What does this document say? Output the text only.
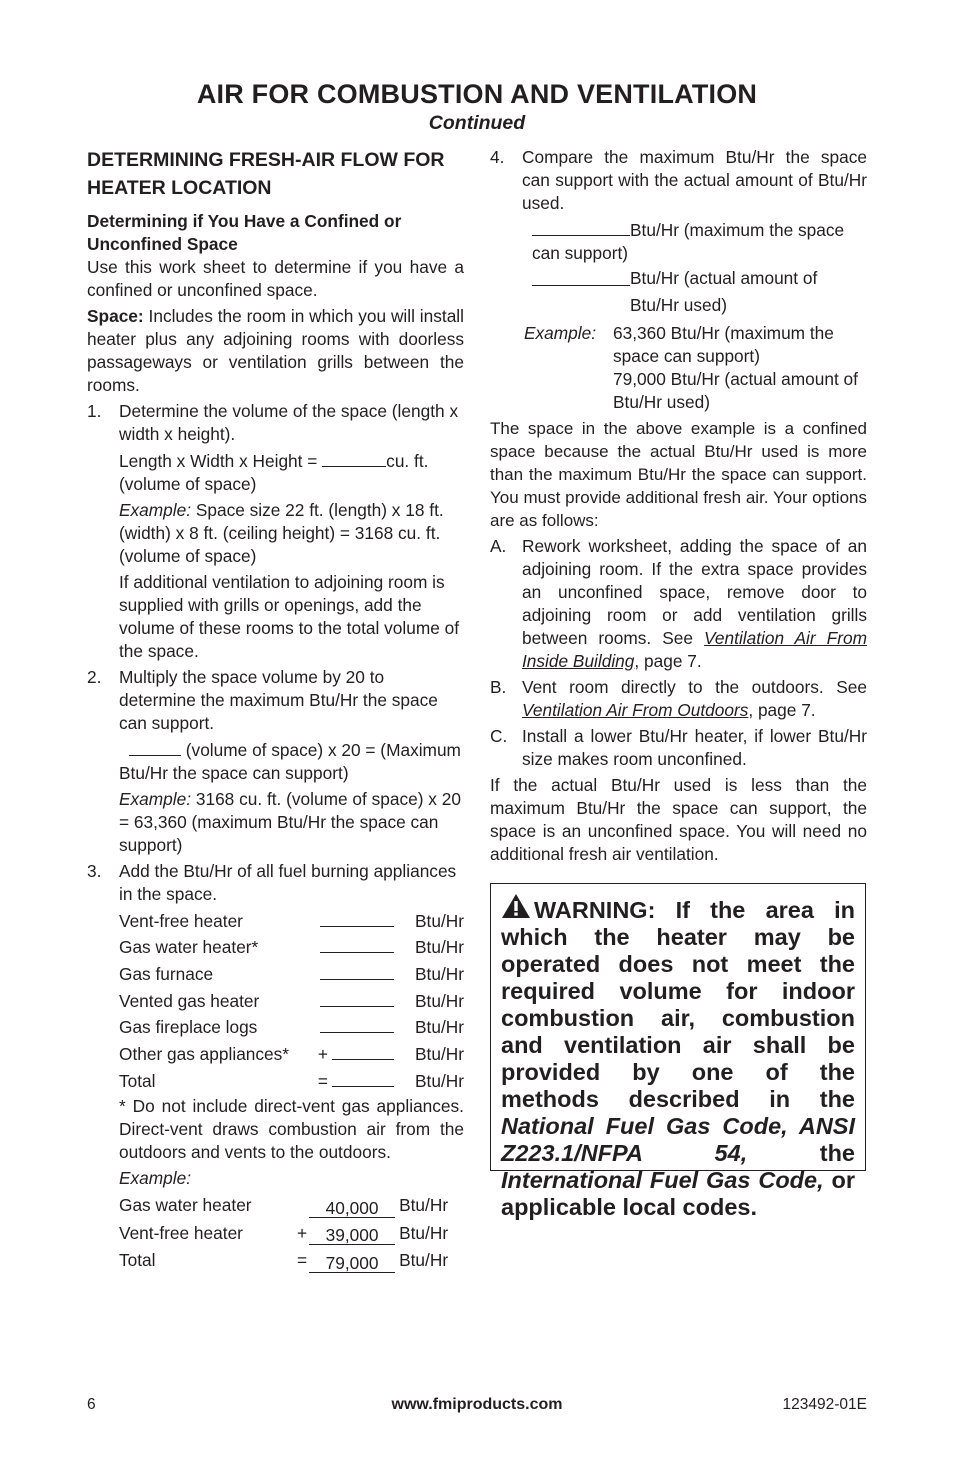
AIR FOR COMBUSTION AND VENTILATION
Continued
DETERMINING FRESH-AIR FLOW FOR HEATER LOCATION
Determining if You Have a Confined or Unconfined Space

Use this work sheet to determine if you have a confined or unconfined space.

Space: Includes the room in which you will install heater plus any adjoining rooms with doorless passageways or ventilation grills between the rooms.

1. Determine the volume of the space (length x width x height).

Length x Width x Height =	cu. ft. (volume of space)

Example: Space size 22 ft. (length) x 18 ft. (width) x 8 ft. (ceiling height) = 3168 cu. ft. (volume of space)

If additional ventilation to adjoining room is supplied with grills or openings, add the volume of these rooms to the total volume of the space.

2. Multiply the space volume by 20 to determine the maximum Btu/Hr the space can support.

(volume of space) x 20 = (Maximum Btu/Hr the space can support)

Example: 3168 cu. ft. (volume of space) x 20 = 63,360 (maximum Btu/Hr the space can support)

3. Add the Btu/Hr of all fuel burning appliances in the space.

Vent-free heater			Btu/Hr
Gas water heater*			Btu/Hr
Gas furnace			Btu/Hr
Vented gas heater			Btu/Hr
Gas fireplace logs			Btu/Hr
Other gas appliances*	+		Btu/Hr
Total	=		Btu/Hr

* Do not include direct-vent gas appliances. Direct-vent draws combustion air from the outdoors and vents to the outdoors.

Example:

Gas water heater		40,000	Btu/Hr
Vent-free heater	+	39,000	Btu/Hr
Total	=	79,000	Btu/Hr
4. Compare the maximum Btu/Hr the space can support with the actual amount of Btu/Hr used.

Btu/Hr (maximum the space can support)

Btu/Hr (actual amount of Btu/Hr used)
Example: 63,360 Btu/Hr (maximum the space can support)
79,000 Btu/Hr (actual amount of Btu/Hr used)

The space in the above example is a confined space because the actual Btu/Hr used is more than the maximum Btu/Hr the space can support. You must provide additional fresh air. Your options are as follows:

A. Rework worksheet, adding the space of an adjoining room. If the extra space provides an unconfined space, remove door to adjoining room or add ventilation grills between rooms. See Ventilation Air From Inside Building, page 7.
B. Vent room directly to the outdoors. See Ventilation Air From Outdoors, page 7.
C. Install a lower Btu/Hr heater, if lower Btu/Hr size makes room unconfined.

If the actual Btu/Hr used is less than the maximum Btu/Hr the space can support, the space is an unconfined space. You will need no additional fresh air ventilation.

WARNING: If the area in which the heater may be operated does not meet the required volume for indoor combustion air, combustion and ventilation air shall be provided by one of the methods described in the National Fuel Gas Code, ANSI Z223.1/NFPA 54, the International Fuel Gas Code, or applicable local codes.
6	www.fmiproducts.com	123492-01E
